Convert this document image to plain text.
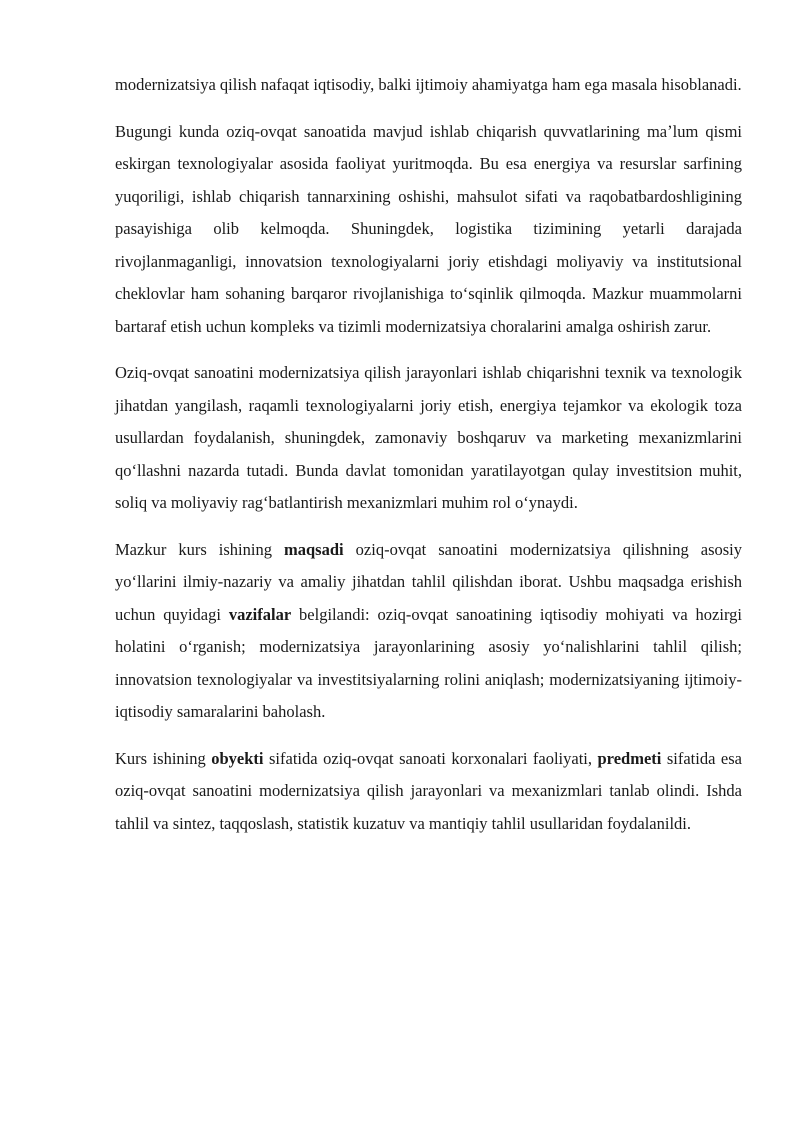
modernizatsiya qilish nafaqat iqtisodiy, balki ijtimoiy ahamiyatga ham ega masala hisoblanadi.

Bugungi kunda oziq-ovqat sanoatida mavjud ishlab chiqarish quvvatlarining maʼlum qismi eskirgan texnologiyalar asosida faoliyat yuritmoqda. Bu esa energiya va resurslar sarfining yuqoriligi, ishlab chiqarish tannarxining oshishi, mahsulot sifati va raqobatbardoshligining pasayishiga olib kelmoqda. Shuningdek, logistika tizimining yetarli darajada rivojlanmaganligi, innovatsion texnologiyalarni joriy etishdagi moliyaviy va institutsional cheklovlar ham sohaning barqaror rivojlanishiga toʻsqinlik qilmoqda. Mazkur muammolarni bartaraf etish uchun kompleks va tizimli modernizatsiya choralarini amalga oshirish zarur.

Oziq-ovqat sanoatini modernizatsiya qilish jarayonlari ishlab chiqarishni texnik va texnologik jihatdan yangilash, raqamli texnologiyalarni joriy etish, energiya tejamkor va ekologik toza usullardan foydalanish, shuningdek, zamonaviy boshqaruv va marketing mexanizmlarini qoʻllashni nazarda tutadi. Bunda davlat tomonidan yaratilayotgan qulay investitsion muhit, soliq va moliyaviy ragʻbatlantirish mexanizmlari muhim rol oʻynaydi.

Mazkur kurs ishining maqsadi oziq-ovqat sanoatini modernizatsiya qilishning asosiy yoʻllarini ilmiy-nazariy va amaliy jihatdan tahlil qilishdan iborat. Ushbu maqsadga erishish uchun quyidagi vazifalar belgilandi: oziq-ovqat sanoatining iqtisodiy mohiyati va hozirgi holatini oʻrganish; modernizatsiya jarayonlarining asosiy yoʻnalishlarini tahlil qilish; innovatsion texnologiyalar va investitsiyalarning rolini aniqlash; modernizatsiyaning ijtimoiy-iqtisodiy samaralarini baholash.

Kurs ishining obyekti sifatida oziq-ovqat sanoati korxonalari faoliyati, predmeti sifatida esa oziq-ovqat sanoatini modernizatsiya qilish jarayonlari va mexanizmlari tanlab olindi. Ishda tahlil va sintez, taqqoslash, statistik kuzatuv va mantiqiy tahlil usullaridan foydalanildi.
